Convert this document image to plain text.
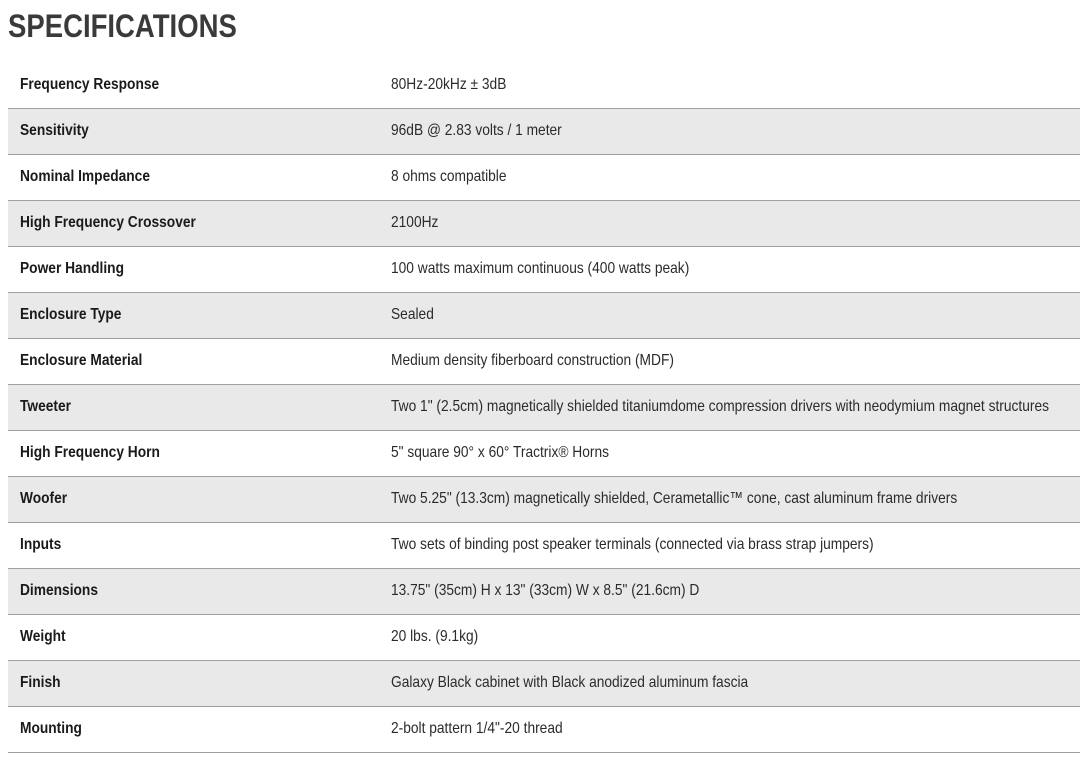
SPECIFICATIONS
Frequency Response	80Hz-20kHz ± 3dB
Sensitivity	96dB @ 2.83 volts / 1 meter
Nominal Impedance	8 ohms compatible
High Frequency Crossover	2100Hz
Power Handling	100 watts maximum continuous (400 watts peak)
Enclosure Type	Sealed
Enclosure Material	Medium density fiberboard construction (MDF)
Tweeter	Two 1" (2.5cm) magnetically shielded titaniumdome compression drivers with neodymium magnet structures
High Frequency Horn	5" square 90° x 60° Tractrix® Horns
Woofer	Two 5.25" (13.3cm) magnetically shielded, Cerametallic™ cone, cast aluminum frame drivers
Inputs	Two sets of binding post speaker terminals (connected via brass strap jumpers)
Dimensions	13.75" (35cm) H x 13" (33cm) W x 8.5" (21.6cm) D
Weight	20 lbs. (9.1kg)
Finish	Galaxy Black cabinet with Black anodized aluminum fascia
Mounting	2-bolt pattern 1/4"-20 thread
